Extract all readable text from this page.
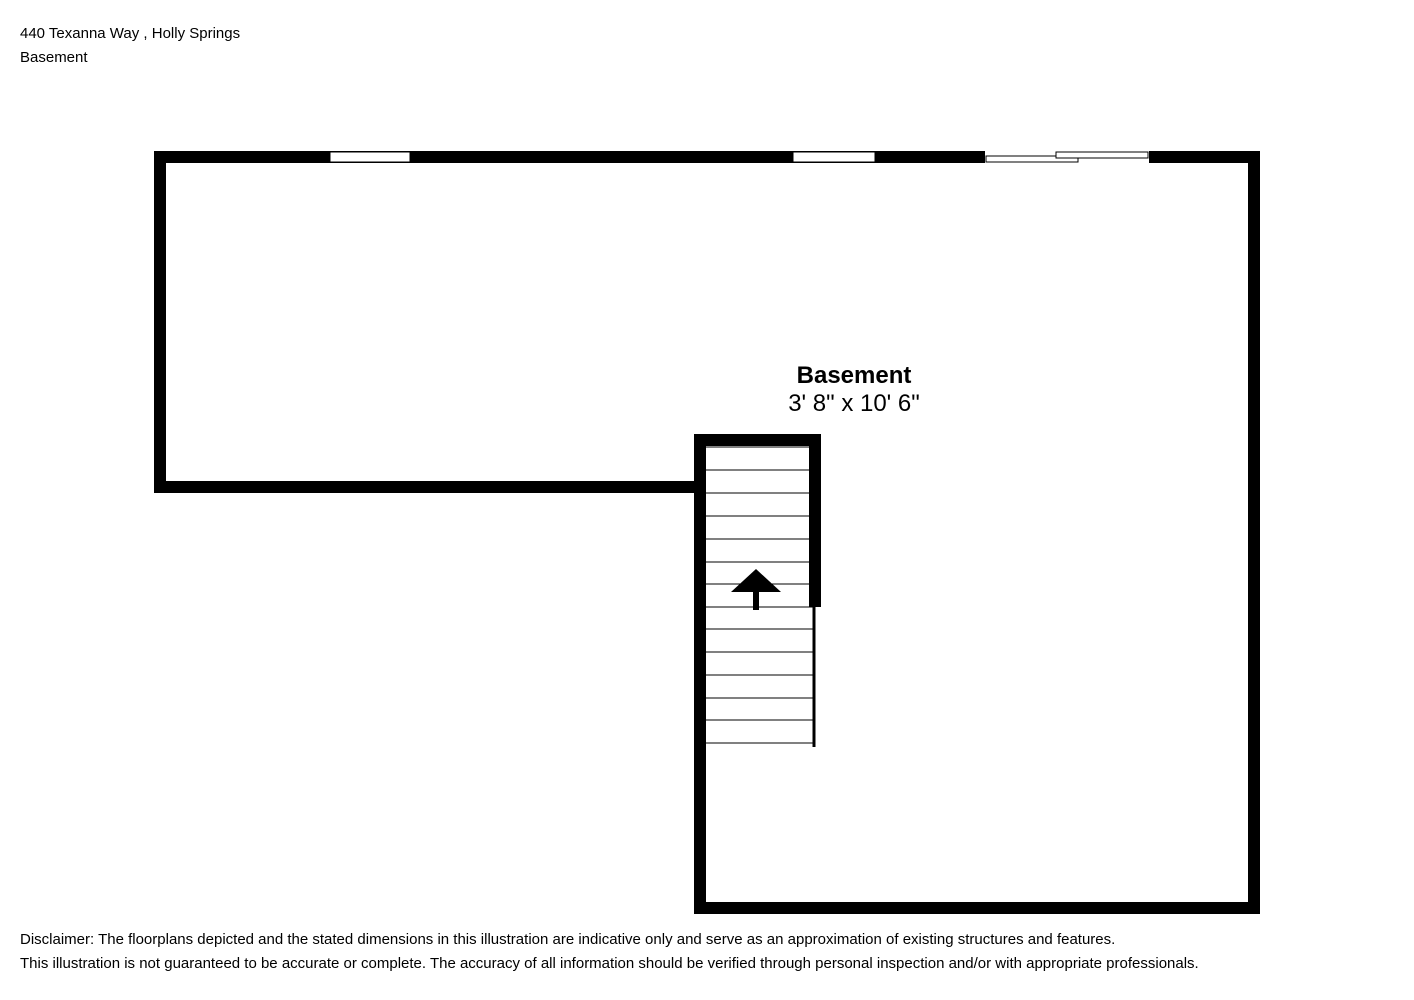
440 Texanna Way , Holly Springs
Basement
Basement
3' 8" x 10' 6"
Disclaimer: The floorplans depicted and the stated dimensions in this illustration are indicative only and serve as an approximation of existing structures and features.
This illustration is not guaranteed to be accurate or complete. The accuracy of all information should be verified through personal inspection and/or with appropriate professionals.
